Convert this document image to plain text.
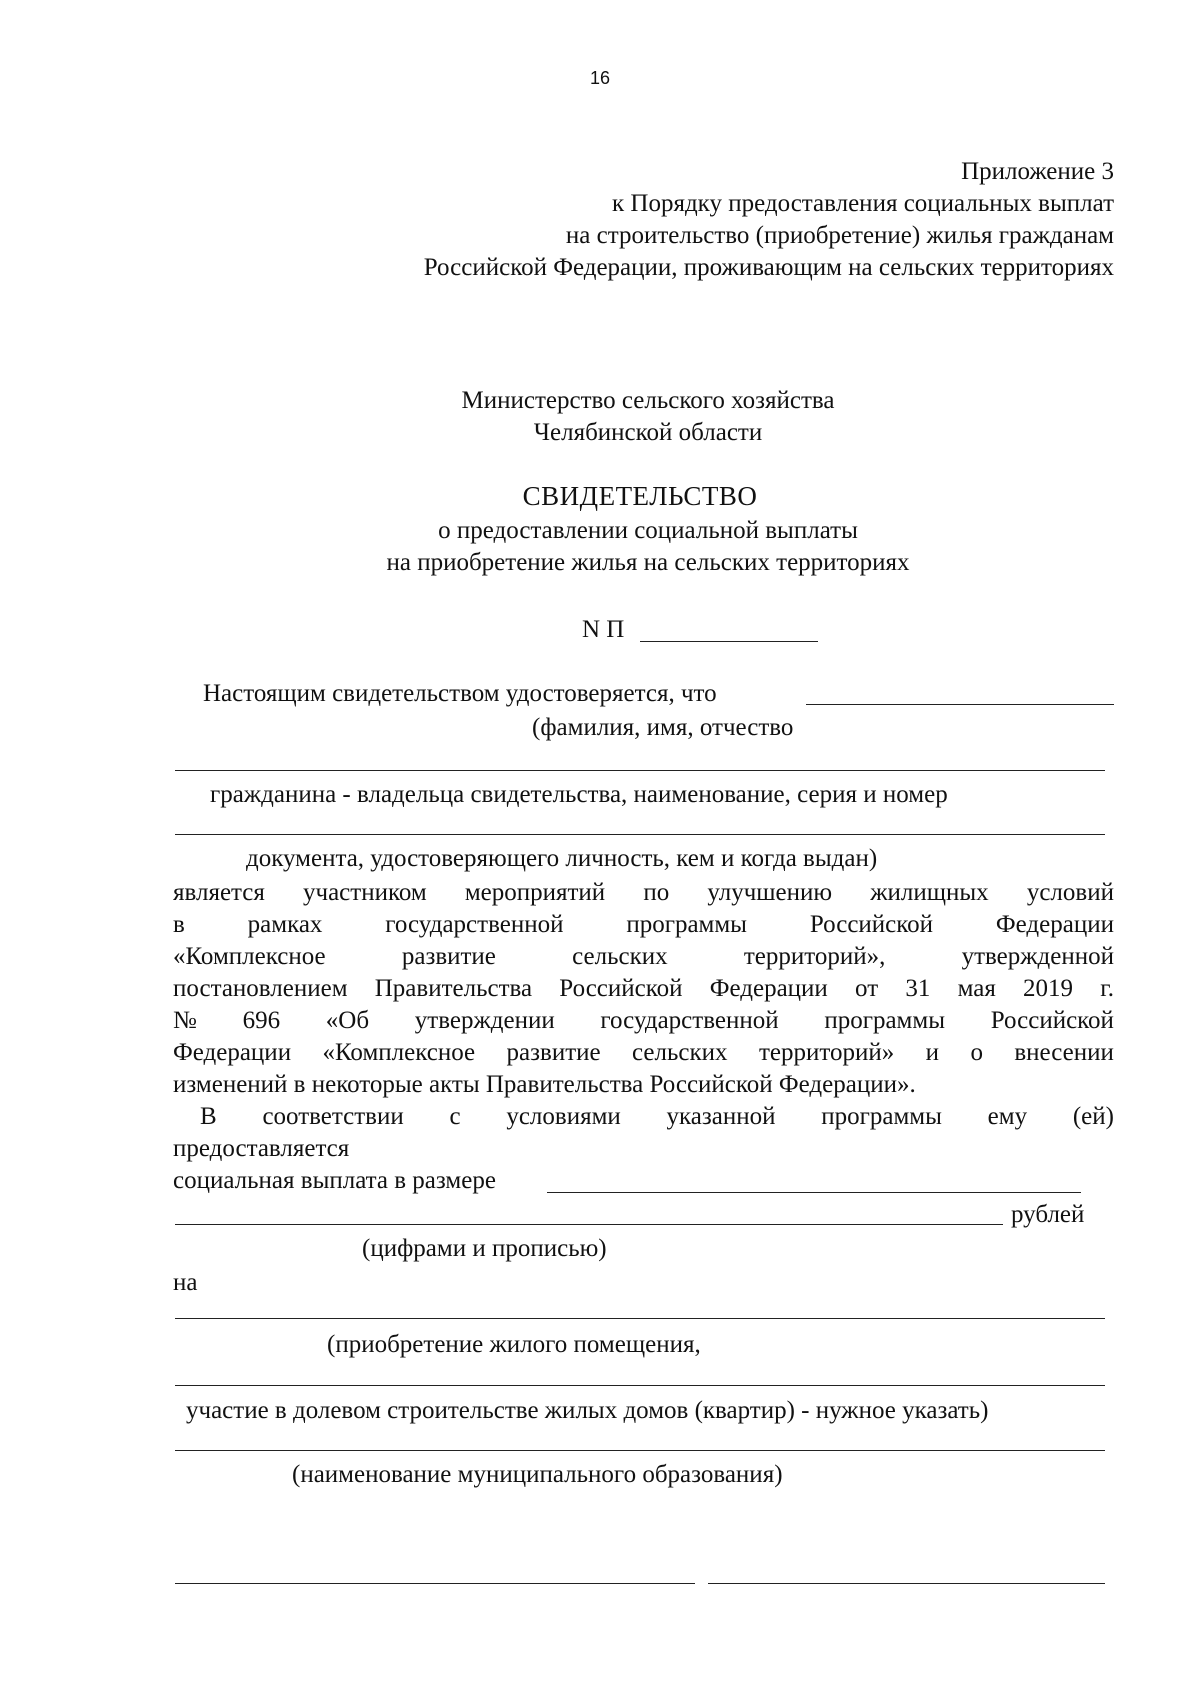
16
Приложение 3
к Порядку предоставления социальных выплат
на строительство (приобретение) жилья гражданам
Российской Федерации, проживающим на сельских территориях
Министерство сельского хозяйства
Челябинской области
СВИДЕТЕЛЬСТВО
о предоставлении социальной выплаты
на приобретение жилья на сельских территориях
N П
Настоящим свидетельством удостоверяется, что
(фамилия, имя, отчество
гражданина - владельца свидетельства, наименование, серия и номер
документа, удостоверяющего личность, кем и когда выдан)
является участником мероприятий по улучшению жилищных условий
в	рамках	государственной	программы	Российской	Федерации
«Комплексное	развитие	сельских	территорий»,	утвержденной
постановлением Правительства Российской Федерации от 31 мая 2019 г.
№ 696 «Об утверждении государственной программы Российской
Федерации «Комплексное развитие сельских территорий» и о внесении
изменений в некоторые акты Правительства Российской Федерации».
В соответствии с условиями указанной программы ему (ей)
предоставляется
социальная выплата в размере
рублей
(цифрами и прописью)
на
(приобретение жилого помещения,
участие в долевом строительстве жилых домов (квартир) - нужное указать)
(наименование муниципального образования)
